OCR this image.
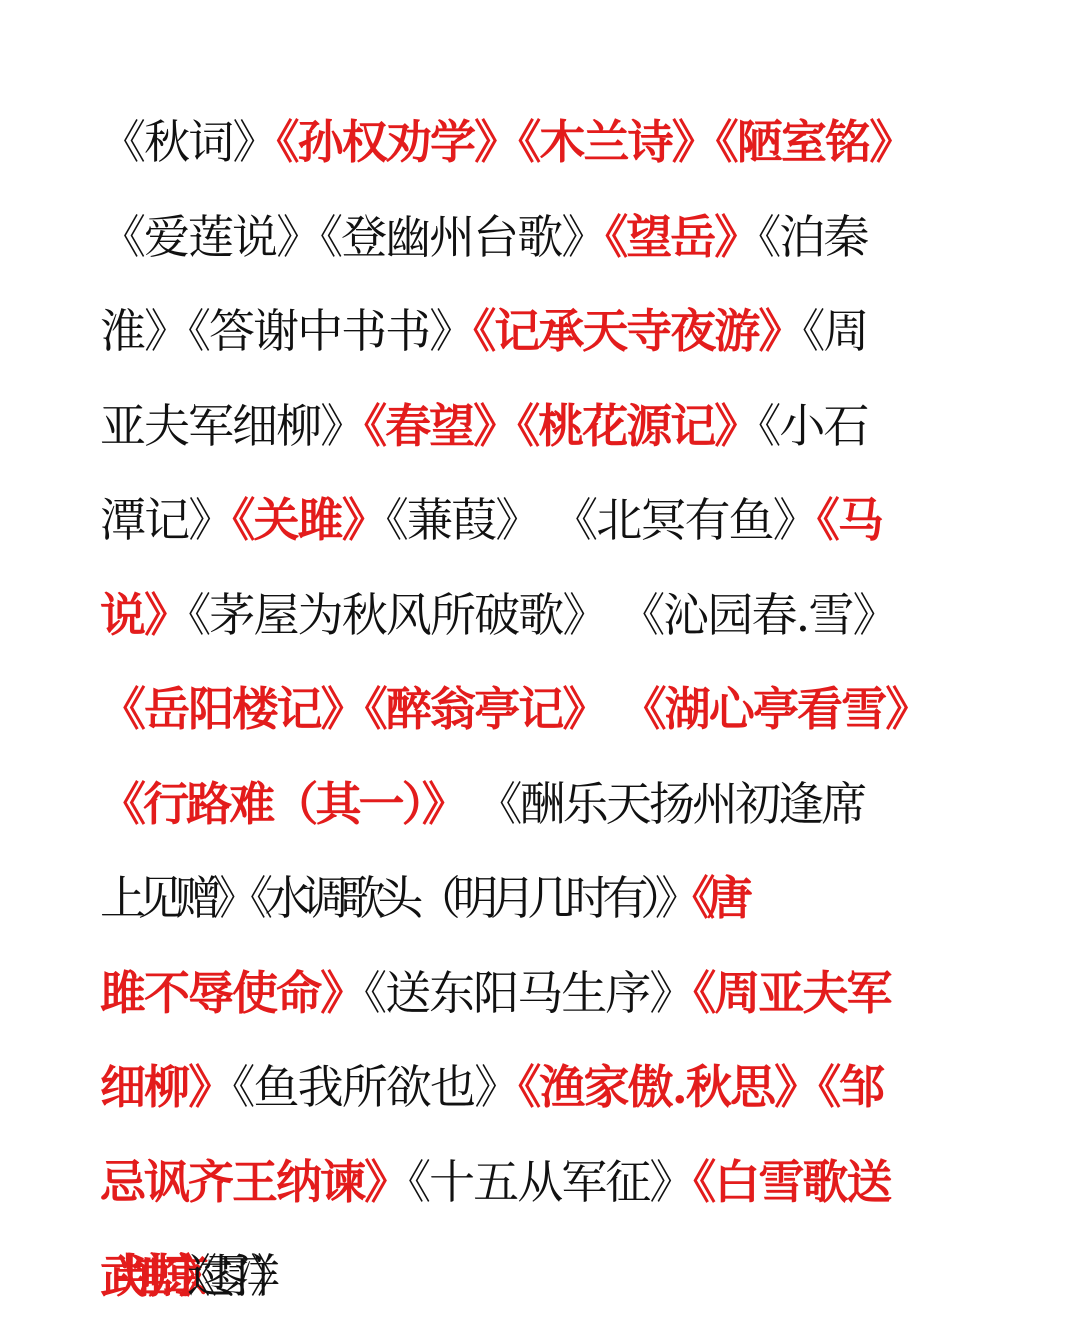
《秋词》《孙权劝学》《木兰诗》《陋室铭》
《爱莲说》《登幽州台歌》《望岳》《泊秦
淮》《答谢中书书》《记承天寺夜游》《周
亚夫军细柳》《春望》《桃花源记》《小石
潭记》《关雎》《蒹葭》 《北冥有鱼》《马
说》《茅屋为秋风所破歌》 《沁园春.雪》
《岳阳楼记》《醉翁亭记》 《湖心亭看雪》
《行路难（其一）》 《酬乐天扬州初逢席
上见赠》《水调歌头（明月几时有）》《唐
雎不辱使命》《送东阳马生序》《周亚夫军
细柳》《鱼我所欲也》《渔家傲.秋思》《邹
忌讽齐王纳谏》《十五从军征》《白雪歌送
武判官归京》《过零丁洋》
